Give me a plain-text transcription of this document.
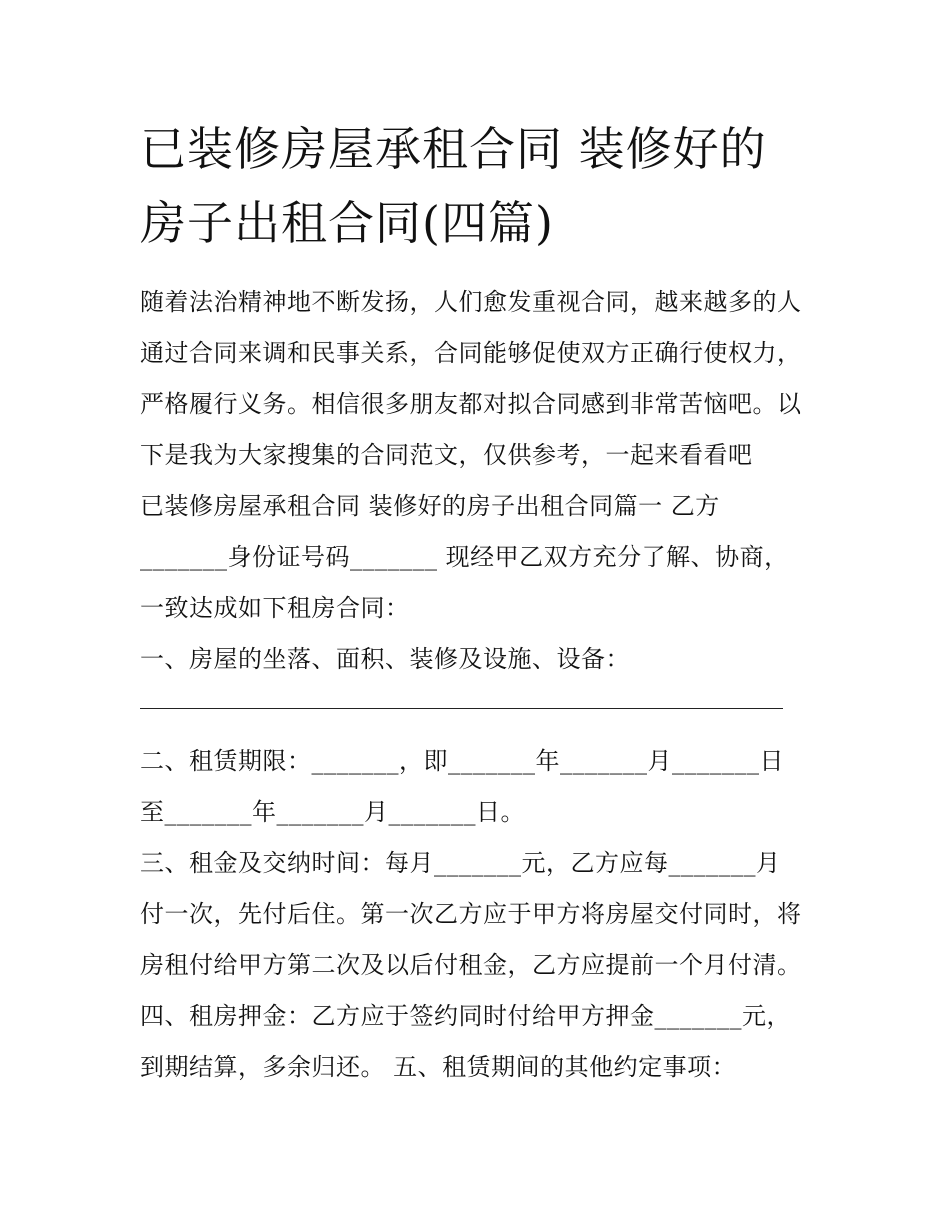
已装修房屋承租合同 装修好的
房子出租合同(四篇)
随着法治精神地不断发扬，人们愈发重视合同，越来越多的人
通过合同来调和民事关系，合同能够促使双方正确行使权力，
严格履行义务。相信很多朋友都对拟合同感到非常苦恼吧。以
下是我为大家搜集的合同范文，仅供参考，一起来看看吧
已装修房屋承租合同 装修好的房子出租合同篇一 乙方
_______身份证号码_______ 现经甲乙双方充分了解、协商，
一致达成如下租房合同：
一、房屋的坐落、面积、装修及设施、设备：
二、租赁期限：_______，即_______年_______月_______日
至_______年_______月_______日。
三、租金及交纳时间：每月_______元，乙方应每_______月
付一次，先付后住。第一次乙方应于甲方将房屋交付同时，将
房租付给甲方第二次及以后付租金，乙方应提前一个月付清。
四、租房押金：乙方应于签约同时付给甲方押金_______元，
到期结算，多余归还。 五、租赁期间的其他约定事项：
